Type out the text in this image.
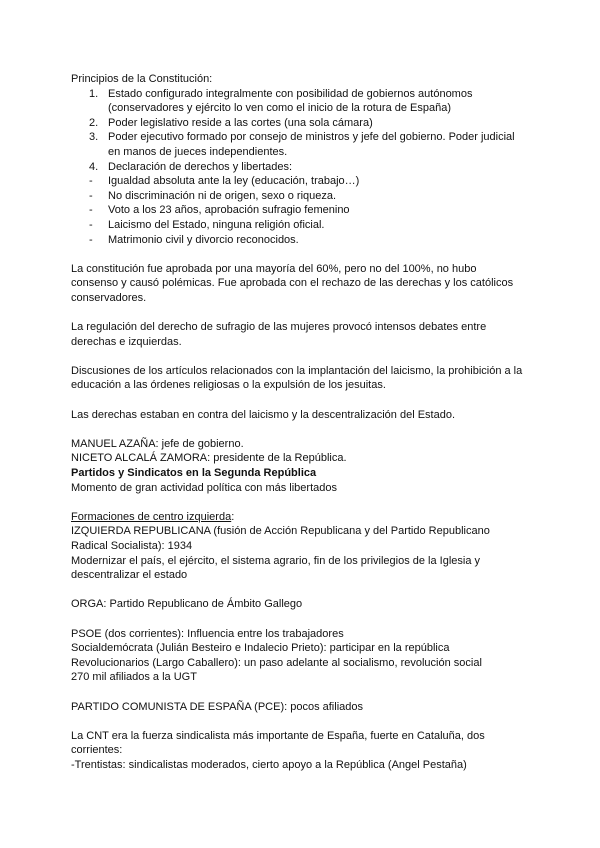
Principios de la Constitución:
1. Estado configurado integralmente con posibilidad de gobiernos autónomos
(conservadores y ejército lo ven como el inicio de la rotura de España)
2. Poder legislativo reside a las cortes (una sola cámara)
3. Poder ejecutivo formado por consejo de ministros y jefe del gobierno. Poder judicial
en manos de jueces independientes.
4. Declaración de derechos y libertades:
- Igualdad absoluta ante la ley (educación, trabajo…)
- No discriminación ni de origen, sexo o riqueza.
- Voto a los 23 años, aprobación sufragio femenino
- Laicismo del Estado, ninguna religión oficial.
- Matrimonio civil y divorcio reconocidos.
La constitución fue aprobada por una mayoría del 60%, pero no del 100%, no hubo
consenso y causó polémicas. Fue aprobada con el rechazo de las derechas y los católicos
conservadores.
La regulación del derecho de sufragio de las mujeres provocó intensos debates entre
derechas e izquierdas.
Discusiones de los artículos relacionados con la implantación del laicismo, la prohibición a la
educación a las órdenes religiosas o la expulsión de los jesuitas.
Las derechas estaban en contra del laicismo y la descentralización del Estado.
MANUEL AZAÑA: jefe de gobierno.
NICETO ALCALÁ ZAMORA: presidente de la República.
Partidos y Sindicatos en la Segunda República
Momento de gran actividad política con más libertados
Formaciones de centro izquierda:
IZQUIERDA REPUBLICANA (fusión de Acción Republicana y del Partido Republicano
Radical Socialista): 1934
Modernizar el país, el ejército, el sistema agrario, fin de los privilegios de la Iglesia y
descentralizar el estado
ORGA: Partido Republicano de Ámbito Gallego
PSOE (dos corrientes): Influencia entre los trabajadores
Socialdemócrata (Julián Besteiro e Indalecio Prieto): participar en la república
Revolucionarios (Largo Caballero): un paso adelante al socialismo, revolución social
270 mil afiliados a la UGT
PARTIDO COMUNISTA DE ESPAÑA (PCE): pocos afiliados
La CNT era la fuerza sindicalista más importante de España, fuerte en Cataluña, dos
corrientes:
-Trentistas: sindicalistas moderados, cierto apoyo a la República (Angel Pestaña)
